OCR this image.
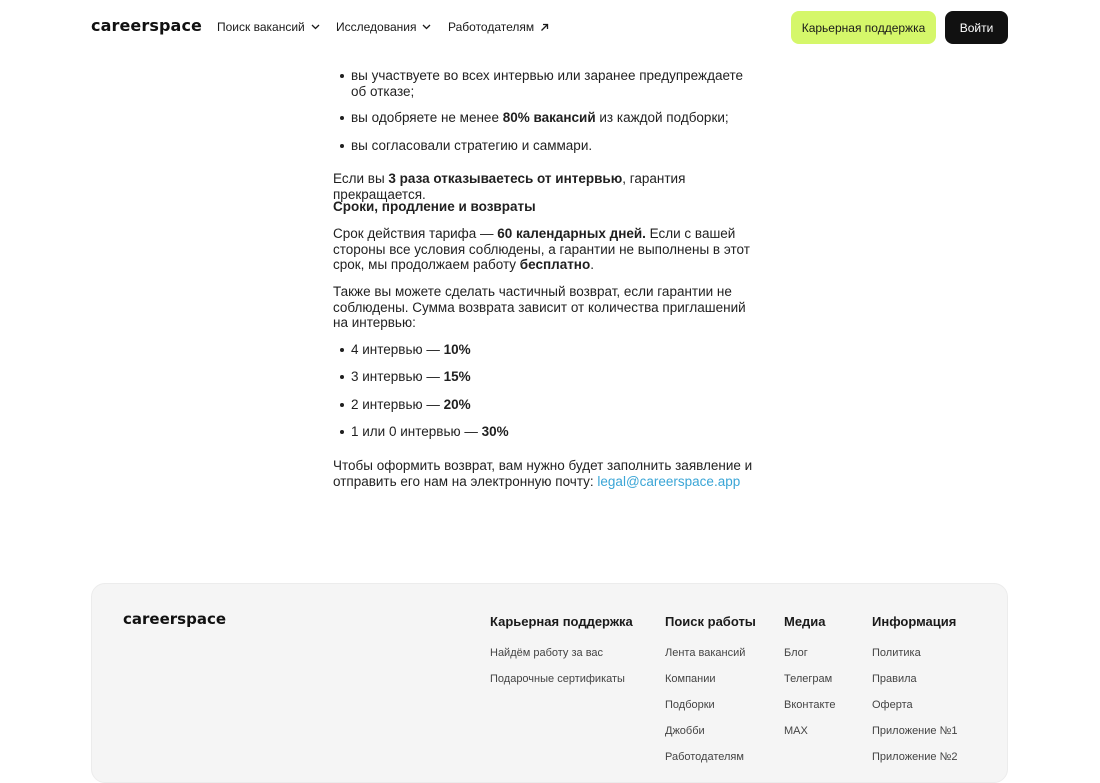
careerspace Поиск вакансий	Исследования	Работодателям	Карьерная поддержка	Войти
вы участвуете во всех интервью или заранее предупреждаете
об отказе;
вы одобряете не менее 80% вакансий из каждой подборки;
вы согласовали стратегию и саммари.

Если вы 3 раза отказываетесь от интервью, гарантия прекращается.

Сроки, продление и возвраты

Срок действия тарифа — 60 календарных дней. Если с вашей стороны все условия соблюдены, а гарантии не выполнены в этот срок, мы продолжаем работу бесплатно.

Также вы можете сделать частичный возврат, если гарантии не соблюдены. Сумма возврата зависит от количества приглашений на интервью:

4 интервью — 10%
3 интервью — 15%
2 интервью — 20%
1 или 0 интервью — 30%

Чтобы оформить возврат, вам нужно будет заполнить заявление и отправить его нам на электронную почту: legal@careerspace.app

careerspace	Карьерная поддержка
Найдём работу за вас
Подарочные сертификаты
Поиск работы
Лента вакансий
Компании
Подборки
Джобби
Работодателям
Медиа
Блог
Телеграм
Вконтакте
MAX
Информация
Политика
Правила
Оферта
Приложение №1
Приложение №2
